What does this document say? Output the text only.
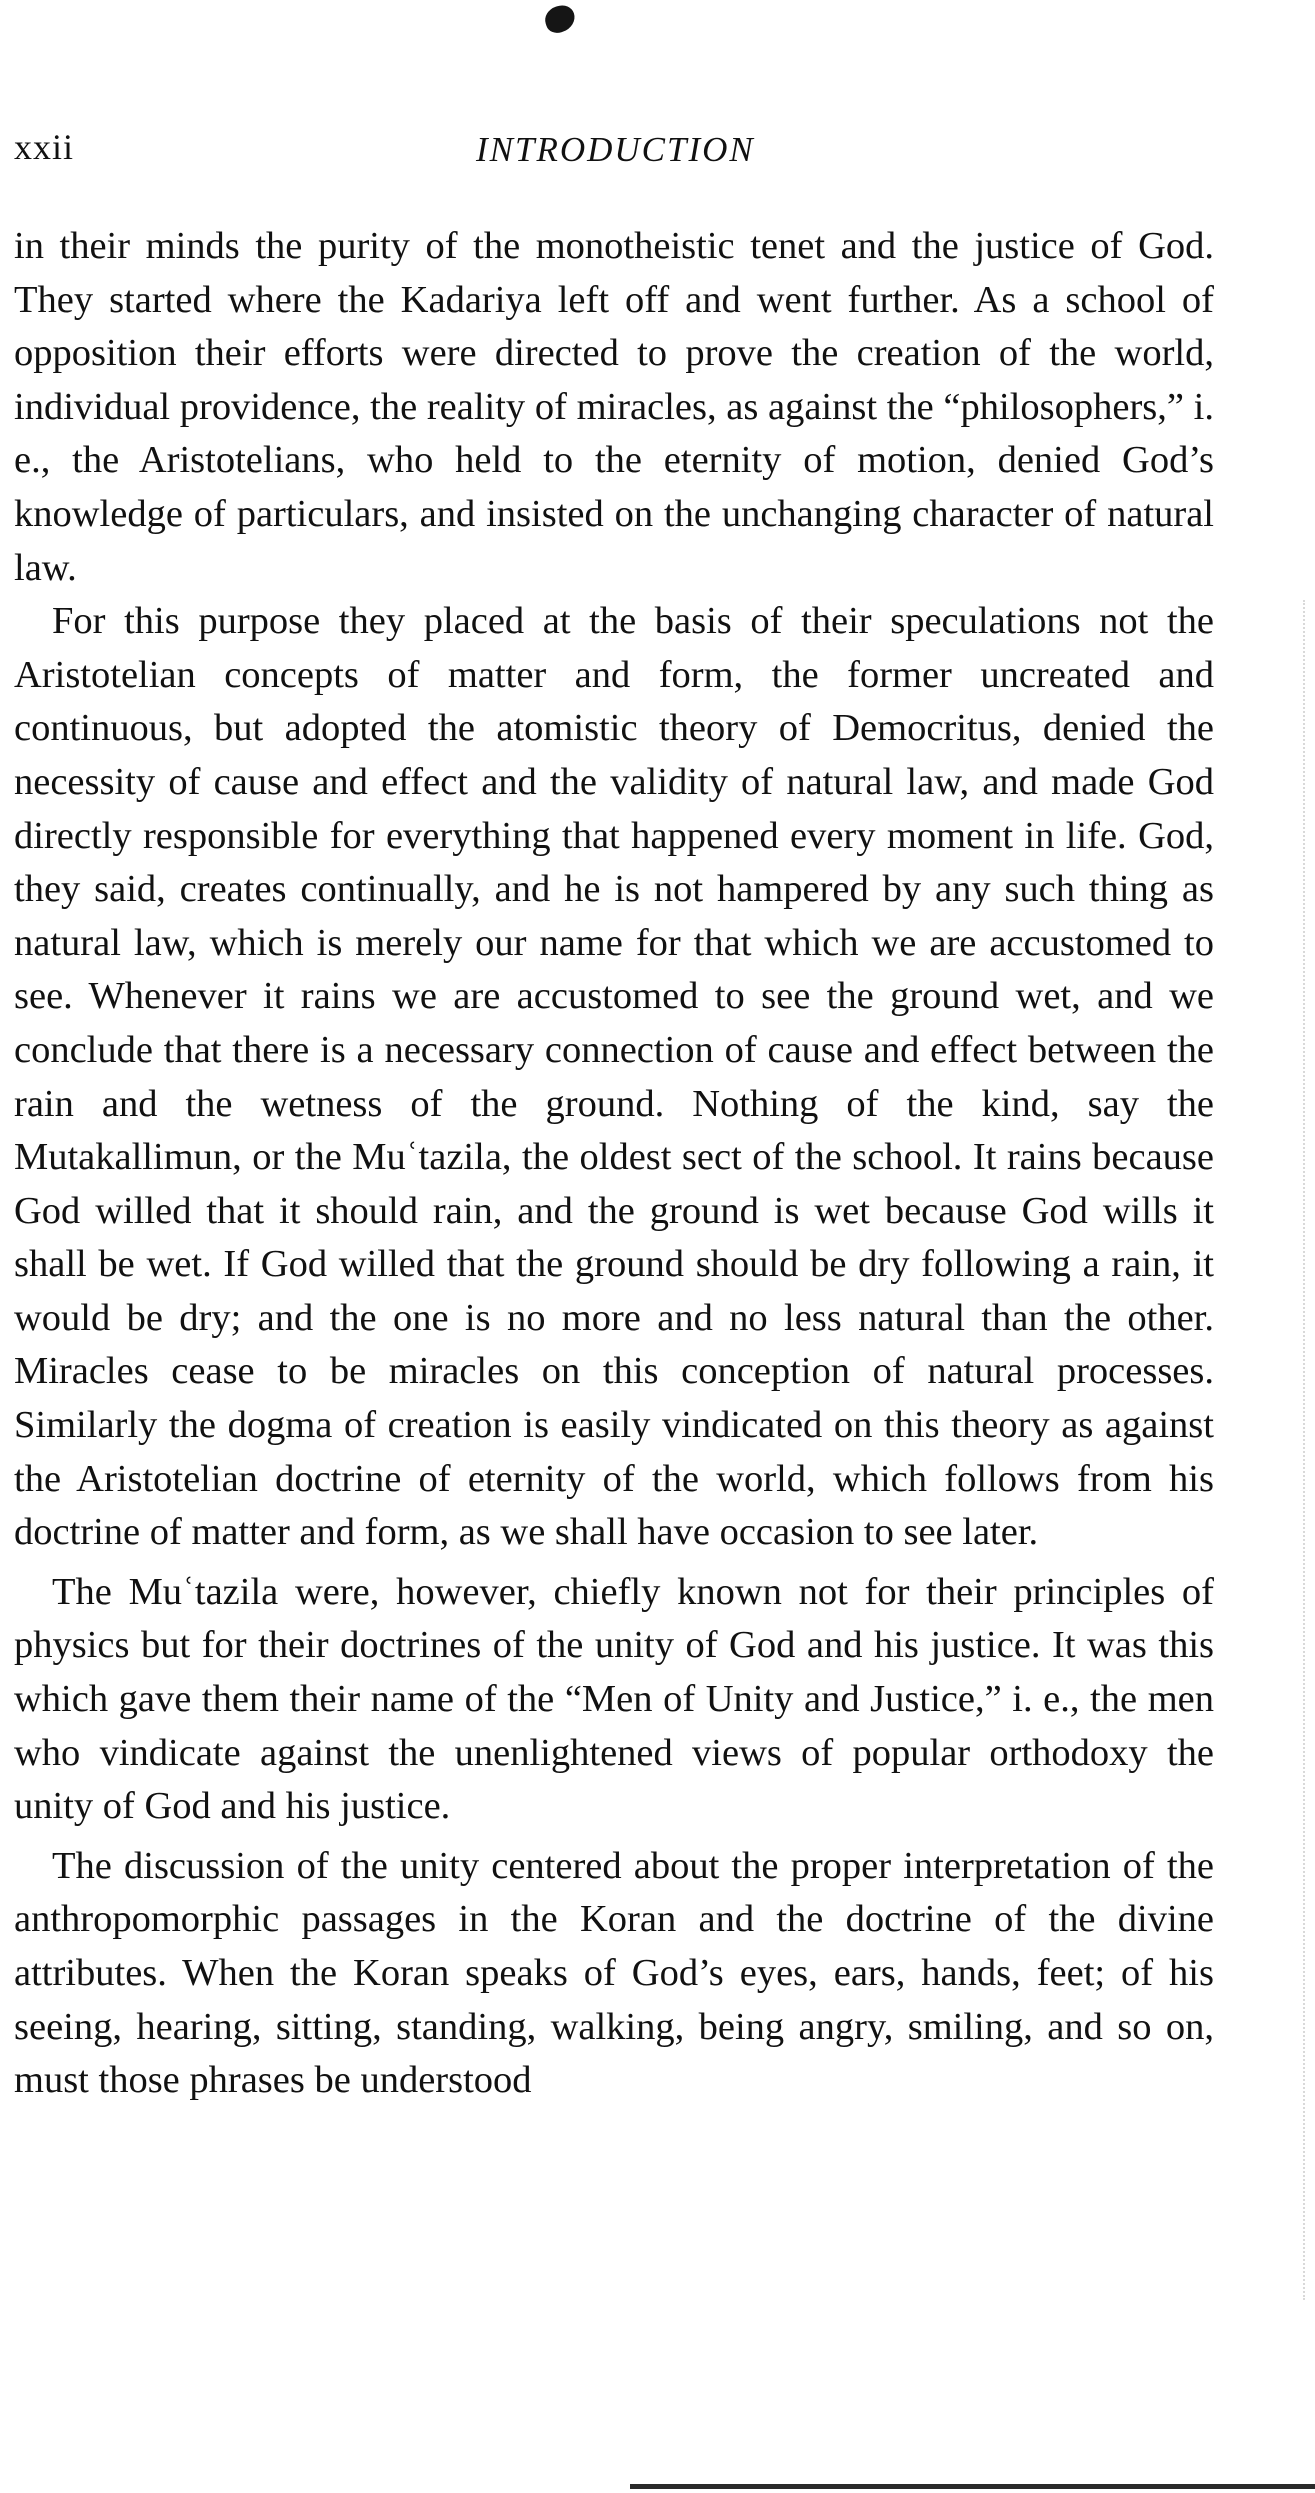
xxii	INTRODUCTION

in their minds the purity of the monotheistic tenet and the justice of God. They started where the Kadariya left off and went further. As a school of opposition their efforts were directed to prove the creation of the world, individual providence, the reality of miracles, as against the “philosophers,” i. e., the Aristotelians, who held to the eternity of motion, denied God’s knowledge of particulars, and insisted on the unchanging character of natural law.

For this purpose they placed at the basis of their speculations not the Aristotelian concepts of matter and form, the former uncreated and continuous, but adopted the atomistic theory of Democritus, denied the necessity of cause and effect and the validity of natural law, and made God directly responsible for everything that happened every moment in life. God, they said, creates continually, and he is not hampered by any such thing as natural law, which is merely our name for that which we are accustomed to see. Whenever it rains we are accustomed to see the ground wet, and we conclude that there is a necessary connection of cause and effect between the rain and the wetness of the ground. Nothing of the kind, say the Mutakallimun, or the Muʿtazila, the oldest sect of the school. It rains because God willed that it should rain, and the ground is wet because God wills it shall be wet. If God willed that the ground should be dry following a rain, it would be dry; and the one is no more and no less natural than the other. Miracles cease to be miracles on this conception of natural processes. Similarly the dogma of creation is easily vindicated on this theory as against the Aristotelian doctrine of eternity of the world, which follows from his doctrine of matter and form, as we shall have occasion to see later.

The Muʿtazila were, however, chiefly known not for their principles of physics but for their doctrines of the unity of God and his justice. It was this which gave them their name of the “Men of Unity and Justice,” i. e., the men who vindicate against the unenlightened views of popular orthodoxy the unity of God and his justice.

The discussion of the unity centered about the proper interpretation of the anthropomorphic passages in the Koran and the doctrine of the divine attributes. When the Koran speaks of God’s eyes, ears, hands, feet; of his seeing, hearing, sitting, standing, walking, being angry, smiling, and so on, must those phrases be understood
